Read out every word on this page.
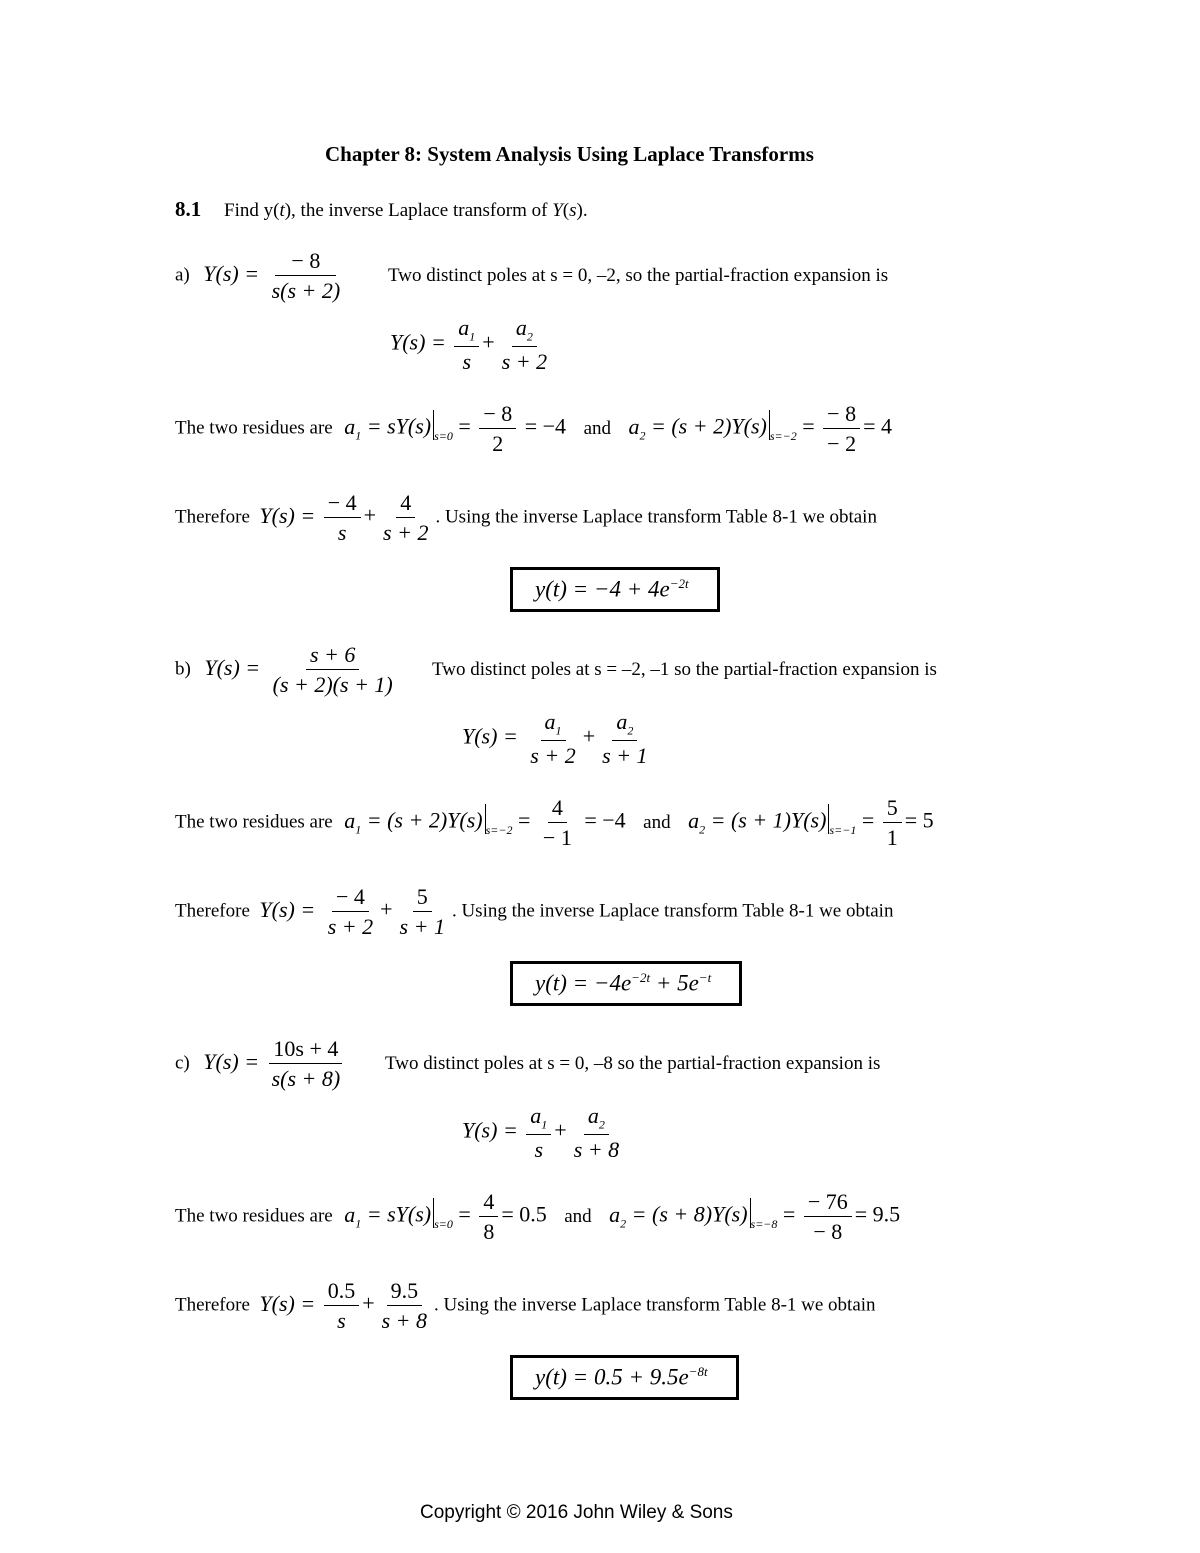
Chapter 8: System Analysis Using Laplace Transforms
8.1 Find y(t), the inverse Laplace transform of Y(s).
a) $Y(s) = \frac{- 8}{s(s + 2)}$ Two distinct poles at s = 0, –2, so the partial-fraction expansion is
$Y(s) = \frac{a_1}{s} + \frac{a_2}{s + 2}$
The two residues are $a_1 = sY(s) _{s=0} = \frac{- 8}{2} = -4$ and $a_2 = (s + 2)Y(s) _{s=-2} = \frac{- 8}{- 2} = 4$
Therefore $Y(s) = \frac{- 4}{s} + \frac{4}{s + 2}$ . Using the inverse Laplace transform Table 8-1 we obtain
$y(t) = -4 + 4e^{-2t}$
b) $Y(s) = \frac{s + 6}{(s + 2)(s + 1)}$ Two distinct poles at s = –2, –1 so the partial-fraction expansion is
$Y(s) = \frac{a_1}{s + 2} + \frac{a_2}{s + 1}$
The two residues are $a_1 = (s + 2)Y(s) _{s=-2} = \frac{4}{- 1} = -4$ and $a_2 = (s + 1)Y(s) _{s=-1} = \frac{5}{1} = 5$
Therefore $Y(s) = \frac{- 4}{s + 2} + \frac{5}{s + 1}$ . Using the inverse Laplace transform Table 8-1 we obtain
$y(t) = -4e^{-2t} + 5e^{-t}$
c) $Y(s) = \frac{10s + 4}{s(s + 8)}$ Two distinct poles at s = 0, –8 so the partial-fraction expansion is
$Y(s) = \frac{a_1}{s} + \frac{a_2}{s + 8}$
The two residues are $a_1 = sY(s) _{s=0} = \frac{4}{8} = 0.5$ and $a_2 = (s + 8)Y(s) _{s=-8} = \frac{- 76}{- 8} = 9.5$
Therefore $Y(s) = \frac{0.5}{s} + \frac{9.5}{s + 8}$ . Using the inverse Laplace transform Table 8-1 we obtain
$y(t) = 0.5 + 9.5e^{-8t}$
Copyright © 2016 John Wiley & Sons
